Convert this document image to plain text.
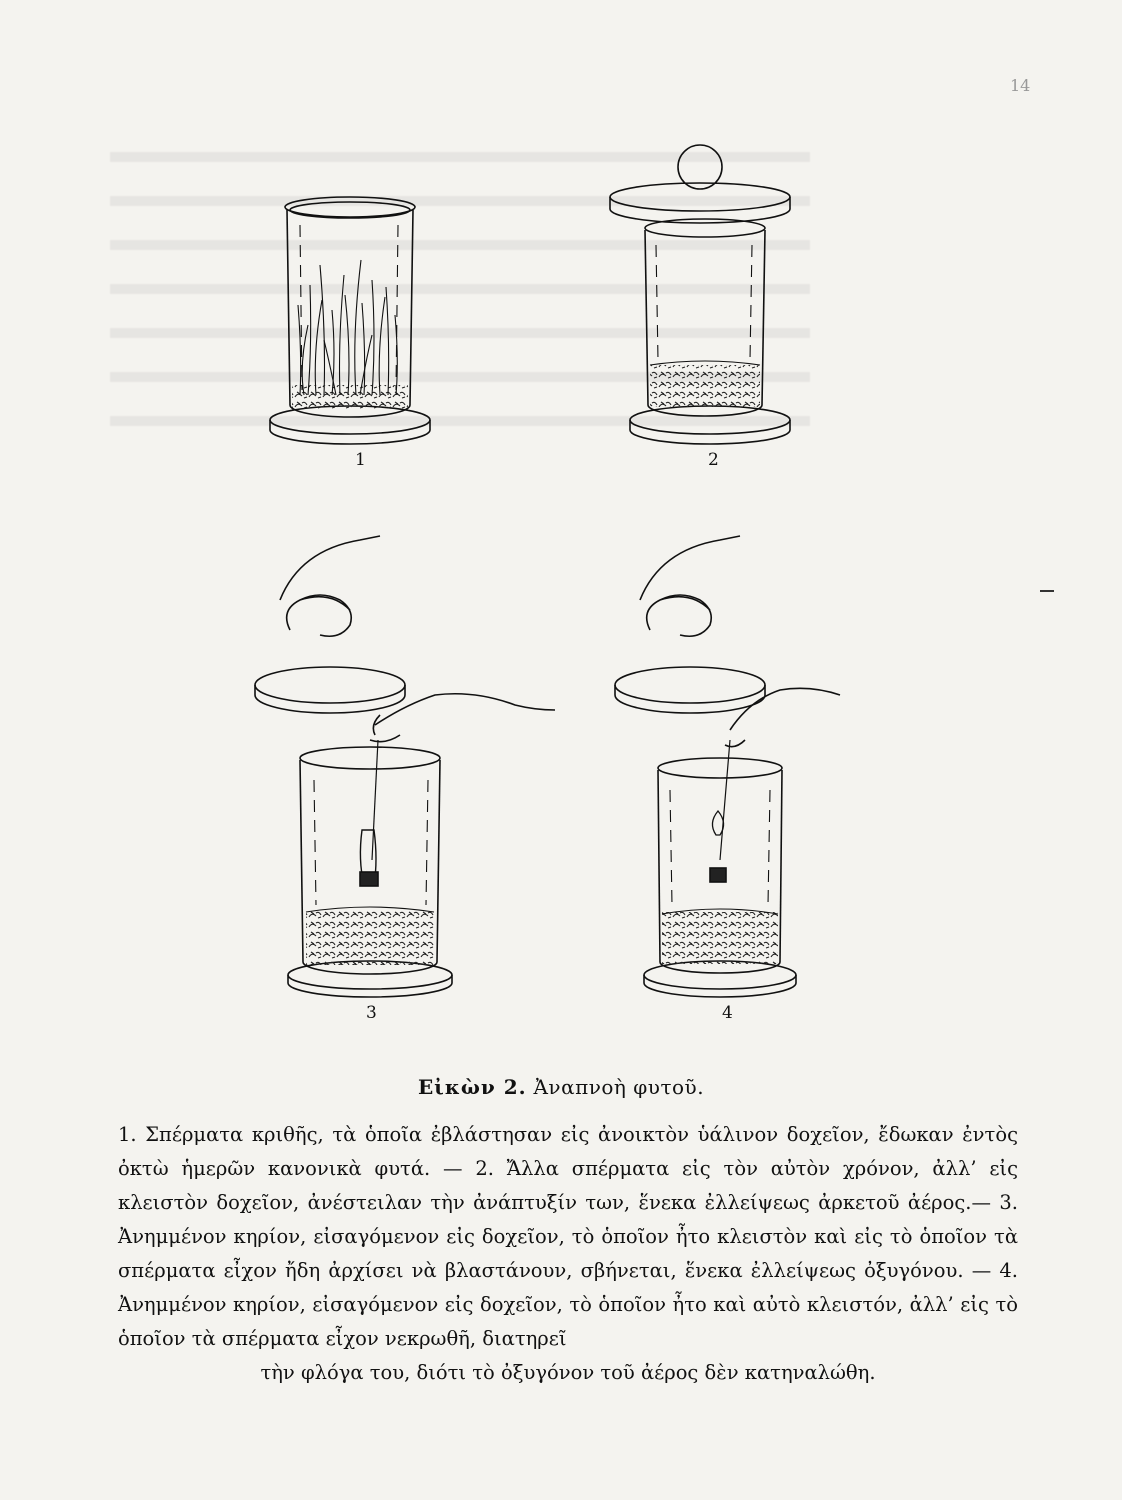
14
1	2
3	4
Εἰκὼν 2. Ἀναπνοὴ φυτοῦ.

1. Σπέρματα κριθῆς, τὰ ὁποῖα ἐβλάστησαν εἰς ἀνοικτὸν ὑάλινον δοχεῖον, ἔδωκαν ἐντὸς ὀκτὼ ἡμερῶν κανονικὰ φυτά. — 2. Ἄλλα σπέρματα εἰς τὸν αὐτὸν χρόνον, ἀλλ’ εἰς κλειστὸν δοχεῖον, ἀνέστειλαν τὴν ἀνάπτυξίν των, ἕνεκα ἐλλείψεως ἀρκετοῦ ἀέρος.— 3. Ἀνημμένον κηρίον, εἰσαγόμενον εἰς δοχεῖον, τὸ ὁποῖον ἦτο κλειστὸν καὶ εἰς τὸ ὁποῖον τὰ σπέρματα εἶχον ἤδη ἀρχίσει νὰ βλαστάνουν, σβήνεται, ἕνεκα ἐλλείψεως ὀξυγόνου. — 4. Ἀνημμένον κηρίον, εἰσαγόμενον εἰς δοχεῖον, τὸ ὁποῖον ἦτο καὶ αὐτὸ κλειστόν, ἀλλ’ εἰς τὸ ὁποῖον τὰ σπέρματα εἶχον νεκρωθῆ, διατηρεῖ

τὴν φλόγα του, διότι τὸ ὀξυγόνον τοῦ ἀέρος δὲν κατηναλώθη.
